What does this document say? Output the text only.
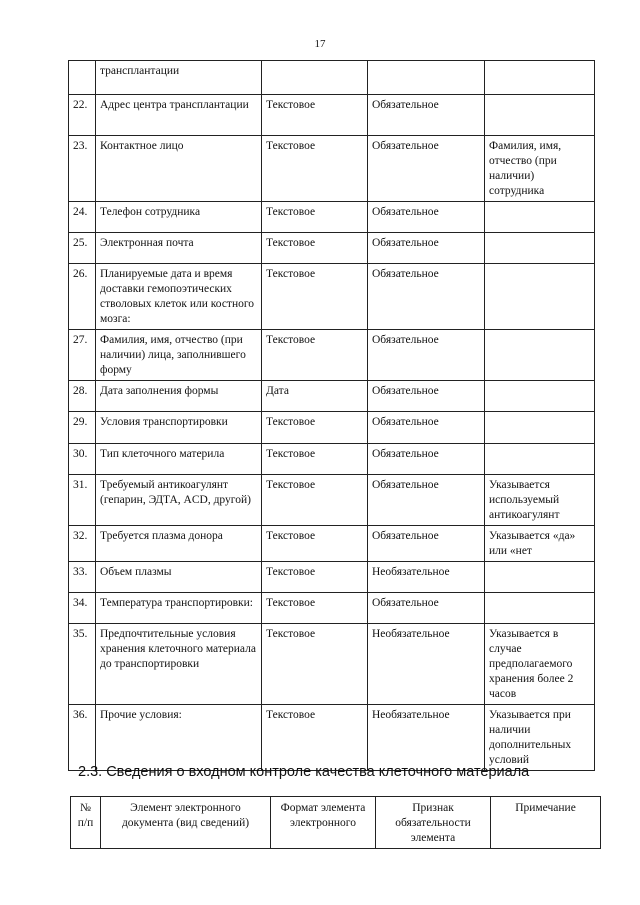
17
	трансплантации			
22.	Адрес центра трансплантации	Текстовое	Обязательное	
23.	Контактное лицо	Текстовое	Обязательное	Фамилия, имя, отчество (при наличии) сотрудника
24.	Телефон сотрудника	Текстовое	Обязательное	
25.	Электронная почта	Текстовое	Обязательное	
26.	Планируемые дата и время доставки гемопоэтических стволовых клеток или костного мозга:	Текстовое	Обязательное	
27.	Фамилия, имя, отчество (при наличии) лица, заполнившего форму	Текстовое	Обязательное	
28.	Дата заполнения формы	Дата	Обязательное	
29.	Условия транспортировки	Текстовое	Обязательное	
30.	Тип клеточного материла	Текстовое	Обязательное	
31.	Требуемый антикоагулянт (гепарин, ЭДТА, ACD, другой)	Текстовое	Обязательное	Указывается используемый антикоагулянт
32.	Требуется плазма донора	Текстовое	Обязательное	Указывается «да» или «нет
33.	Объем плазмы	Текстовое	Необязательное	
34.	Температура транспортировки:	Текстовое	Обязательное	
35.	Предпочтительные условия хранения клеточного материала до транспортировки	Текстовое	Необязательное	Указывается в случае предполагаемого хранения более 2 часов
36.	Прочие условия:	Текстовое	Необязательное	Указывается при наличии дополнительных условий
2.3. Сведения о входном контроле качества клеточного материала
№ п/п	Элемент электронного документа (вид сведений)	Формат элемента электронного	Признак обязательности элемента	Примечание
